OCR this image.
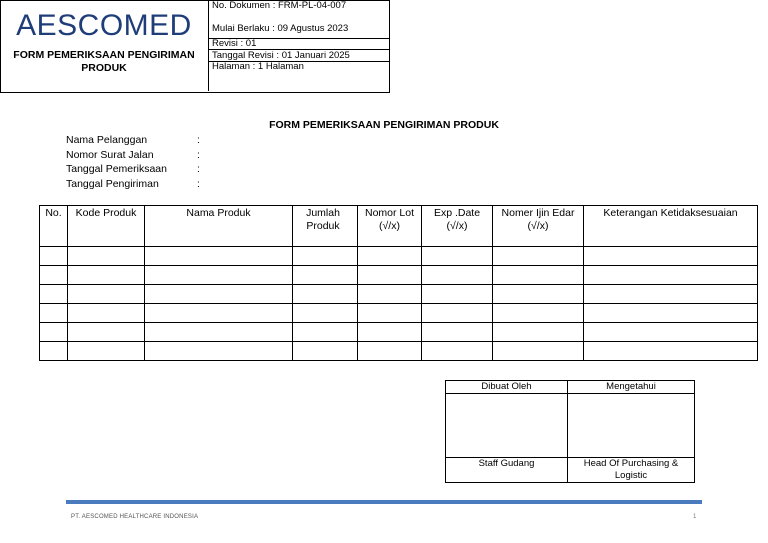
AESCOMED
FORM PEMERIKSAAN PENGIRIMAN PRODUK
No. Dokumen : FRM-PL-04-007
Mulai Berlaku : 09 Agustus 2023
Revisi : 01
Tanggal Revisi : 01 Januari 2025
Halaman : 1 Halaman
FORM PEMERIKSAAN PENGIRIMAN PRODUK
Nama Pelanggan	:
Nomor Surat Jalan	:
Tanggal Pemeriksaan	:
Tanggal Pengiriman	:
No.	Kode Produk	Nama Produk	Jumlah Produk	Nomor Lot (√/x)	Exp .Date (√/x)	Nomer Ijin Edar (√/x)	Keterangan Ketidaksesuaian

Dibuat Oleh	Mengetahui

Staff Gudang	Head Of Purchasing & Logistic
PT. AESCOMED HEALTHCARE INDONESIA	1
